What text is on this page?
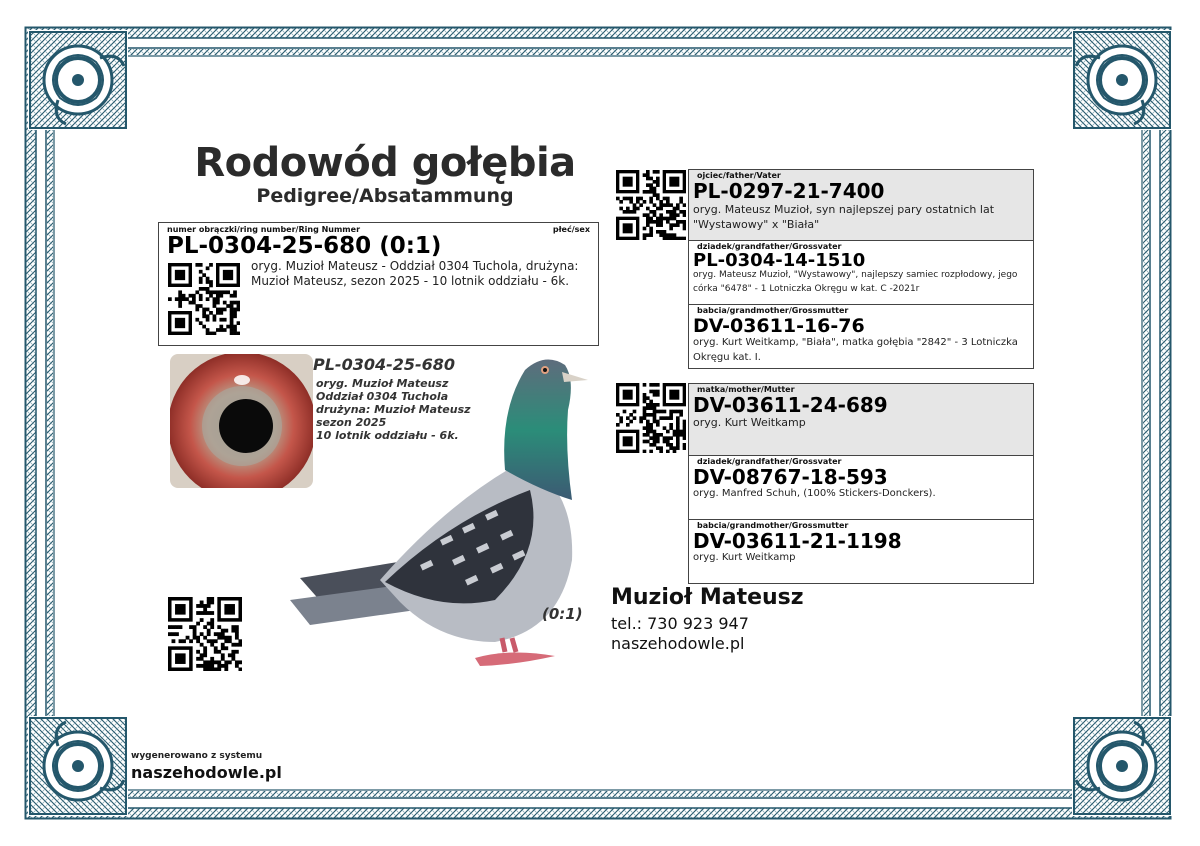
Rodowód gołębia
Pedigree/Absatammung
numer obrączki/ring number/Ring Nummer	płeć/sex
PL-0304-25-680 (0:1)
oryg. Muzioł Mateusz - Oddział 0304 Tuchola, drużyna: Muzioł Mateusz, sezon 2025 - 10 lotnik oddziału - 6k.
PL-0304-25-680
oryg. Muzioł Mateusz
Oddział 0304 Tuchola
drużyna: Muzioł Mateusz
sezon 2025
10 lotnik oddziału - 6k.
(0:1)
ojciec/father/Vater
PL-0297-21-7400
oryg. Mateusz Muzioł, syn najlepszej pary ostatnich lat "Wystawowy" x "Biała"
dziadek/grandfather/Grossvater
PL-0304-14-1510
oryg. Mateusz Muzioł, "Wystawowy", najlepszy samiec rozpłodowy, jego córka "6478" - 1 Lotniczka Okręgu w kat. C -2021r
babcia/grandmother/Grossmutter
DV-03611-16-76
oryg. Kurt Weitkamp, "Biała", matka gołębia "2842" - 3 Lotniczka Okręgu kat. I.
matka/mother/Mutter
DV-03611-24-689
oryg. Kurt Weitkamp
dziadek/grandfather/Grossvater
DV-08767-18-593
oryg. Manfred Schuh, (100% Stickers-Donckers).
babcia/grandmother/Grossmutter
DV-03611-21-1198
oryg. Kurt Weitkamp
Muzioł Mateusz
tel.: 730 923 947
naszehodowle.pl
wygenerowano z systemu
naszehodowle.pl
